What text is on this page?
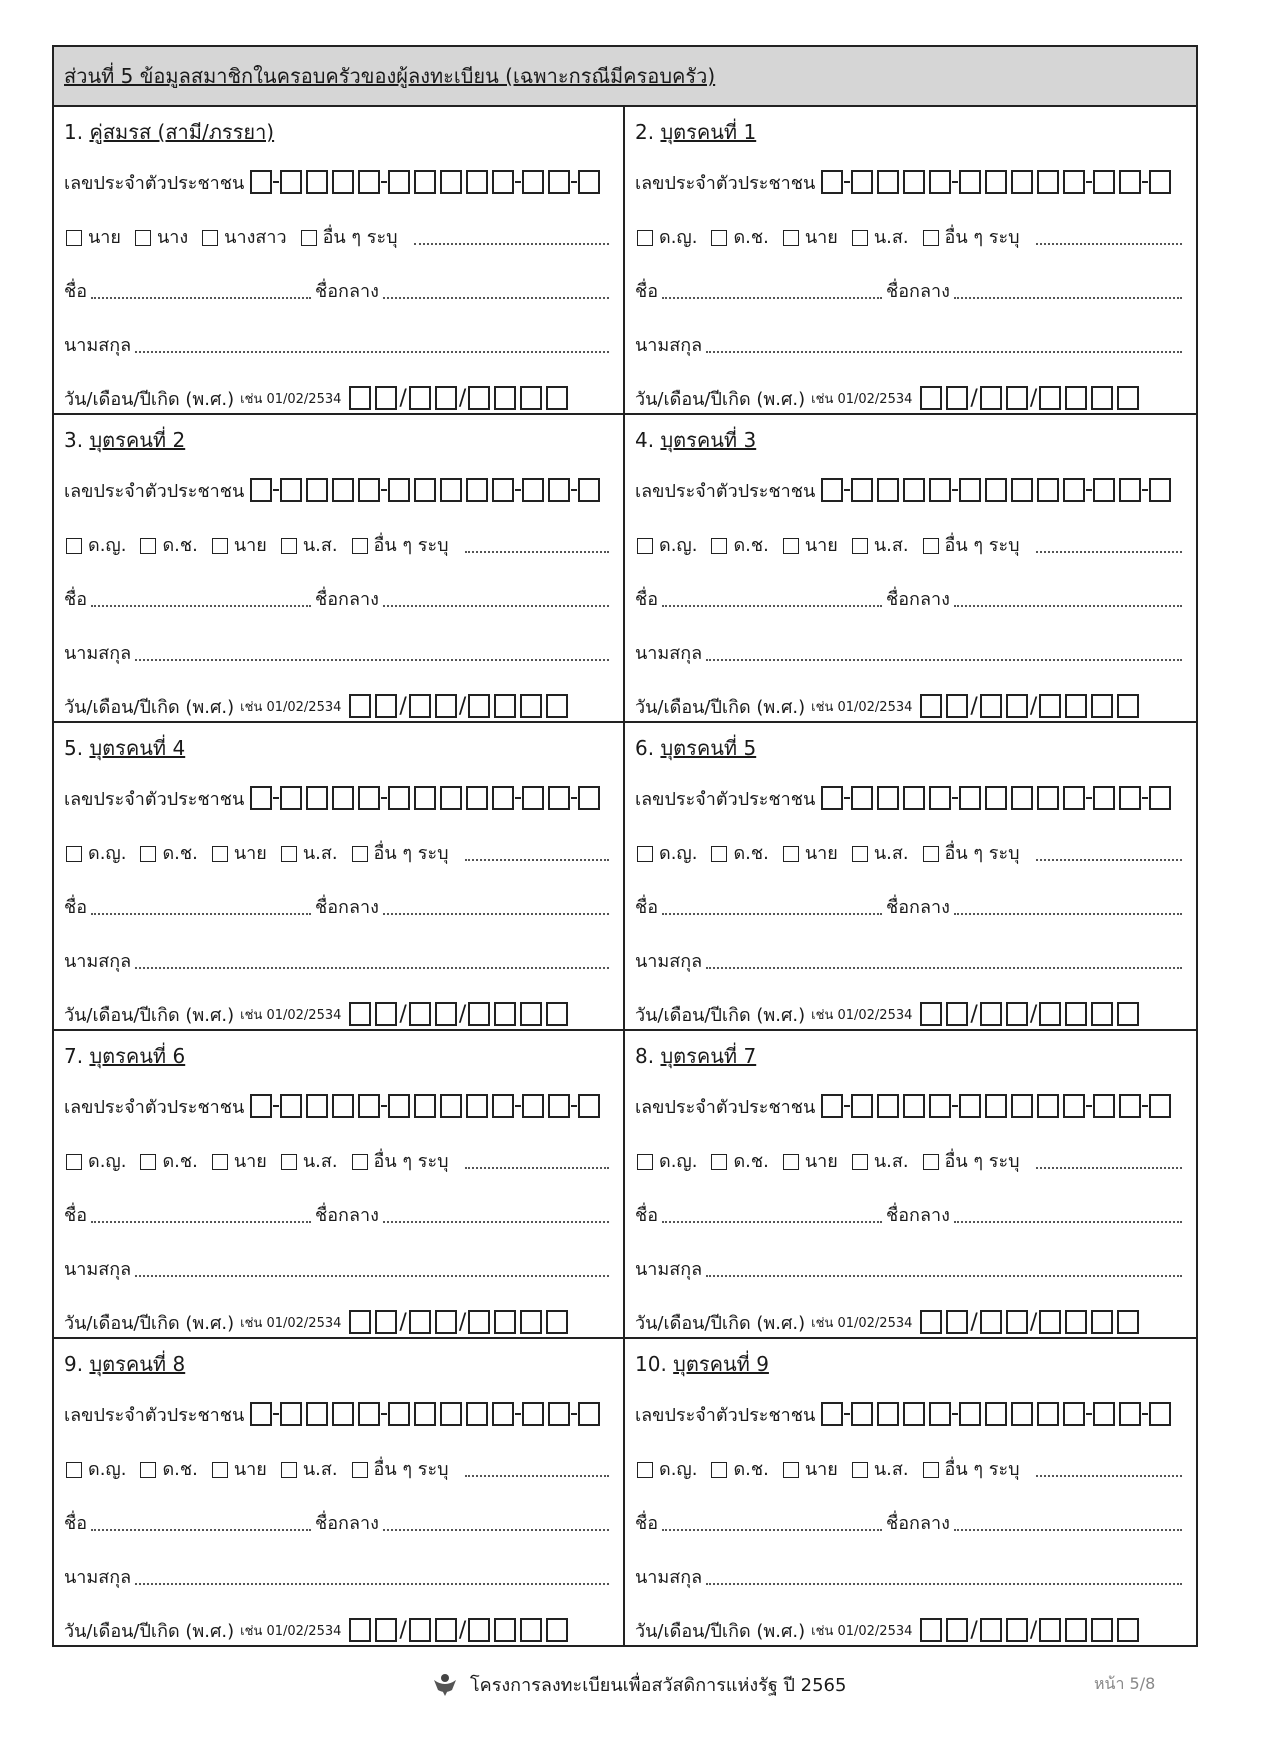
ส่วนที่ 5 ข้อมูลสมาชิกในครอบครัวของผู้ลงทะเบียน (เฉพาะกรณีมีครอบครัว)
1. คู่สมรส (สามี/ภรรยา)
เลขประจำตัวประชาชน
นาย	นาง	นางสาว	อื่น ๆ ระบุ
ชื่อ	ชื่อกลาง
นามสกุล
วัน/เดือน/ปีเกิด (พ.ศ.) เช่น 01/02/2534	/ /
2. บุตรคนที่ 1
เลขประจำตัวประชาชน
ด.ญ.	ด.ช.	นาย	น.ส.	อื่น ๆ ระบุ
ชื่อ	ชื่อกลาง
นามสกุล
วัน/เดือน/ปีเกิด (พ.ศ.) เช่น 01/02/2534	/ /
3. บุตรคนที่ 2
เลขประจำตัวประชาชน
ด.ญ.	ด.ช.	นาย	น.ส.	อื่น ๆ ระบุ
ชื่อ	ชื่อกลาง
นามสกุล
วัน/เดือน/ปีเกิด (พ.ศ.) เช่น 01/02/2534	/ /
4. บุตรคนที่ 3
เลขประจำตัวประชาชน
ด.ญ.	ด.ช.	นาย	น.ส.	อื่น ๆ ระบุ
ชื่อ	ชื่อกลาง
นามสกุล
วัน/เดือน/ปีเกิด (พ.ศ.) เช่น 01/02/2534	/ /
5. บุตรคนที่ 4
เลขประจำตัวประชาชน
ด.ญ.	ด.ช.	นาย	น.ส.	อื่น ๆ ระบุ
ชื่อ	ชื่อกลาง
นามสกุล
วัน/เดือน/ปีเกิด (พ.ศ.) เช่น 01/02/2534	/ /
6. บุตรคนที่ 5
เลขประจำตัวประชาชน
ด.ญ.	ด.ช.	นาย	น.ส.	อื่น ๆ ระบุ
ชื่อ	ชื่อกลาง
นามสกุล
วัน/เดือน/ปีเกิด (พ.ศ.) เช่น 01/02/2534	/ /
7. บุตรคนที่ 6
เลขประจำตัวประชาชน
ด.ญ.	ด.ช.	นาย	น.ส.	อื่น ๆ ระบุ
ชื่อ	ชื่อกลาง
นามสกุล
วัน/เดือน/ปีเกิด (พ.ศ.) เช่น 01/02/2534	/ /
8. บุตรคนที่ 7
เลขประจำตัวประชาชน
ด.ญ.	ด.ช.	นาย	น.ส.	อื่น ๆ ระบุ
ชื่อ	ชื่อกลาง
นามสกุล
วัน/เดือน/ปีเกิด (พ.ศ.) เช่น 01/02/2534	/ /
9. บุตรคนที่ 8
เลขประจำตัวประชาชน
ด.ญ.	ด.ช.	นาย	น.ส.	อื่น ๆ ระบุ
ชื่อ	ชื่อกลาง
นามสกุล
วัน/เดือน/ปีเกิด (พ.ศ.) เช่น 01/02/2534	/ /
10. บุตรคนที่ 9
เลขประจำตัวประชาชน
ด.ญ.	ด.ช.	นาย	น.ส.	อื่น ๆ ระบุ
ชื่อ	ชื่อกลาง
นามสกุล
วัน/เดือน/ปีเกิด (พ.ศ.) เช่น 01/02/2534	/ /
โครงการลงทะเบียนเพื่อสวัสดิการแห่งรัฐ ปี 2565	หน้า 5/8
